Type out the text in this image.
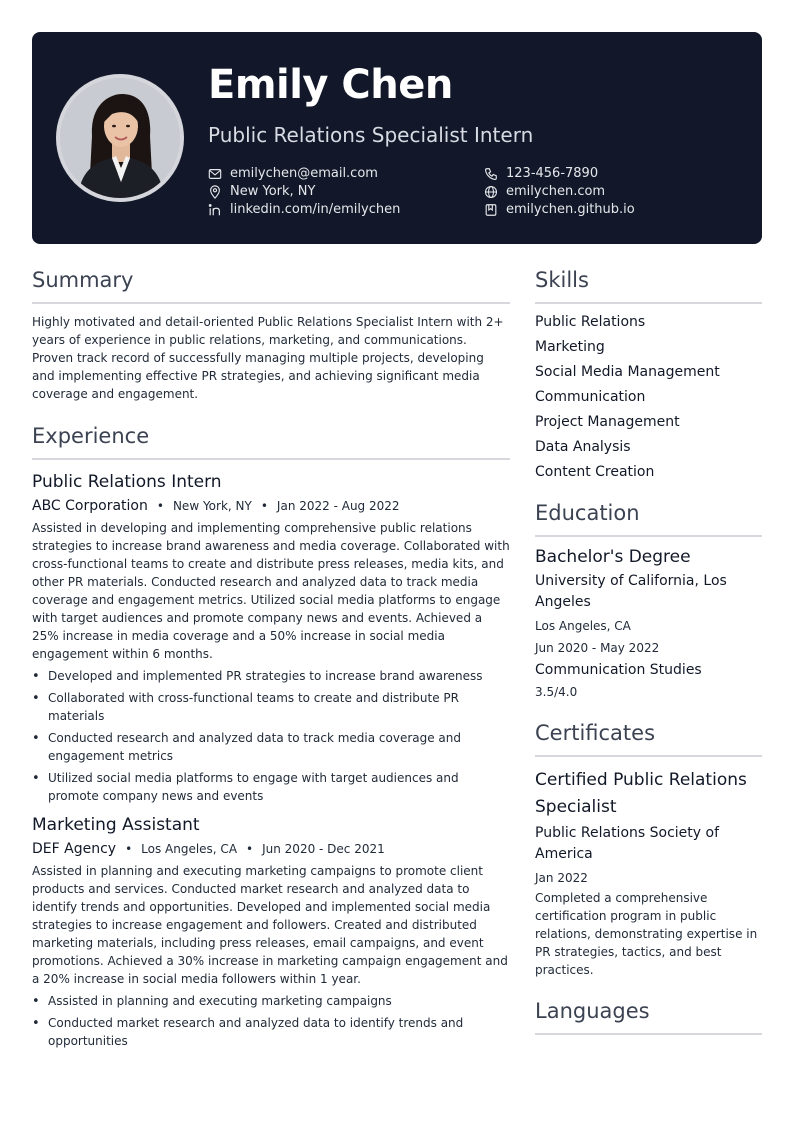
Emily Chen
Public Relations Specialist Intern
emilychen@email.com
New York, NY
linkedin.com/in/emilychen
123-456-7890
emilychen.com
emilychen.github.io
Summary
Highly motivated and detail-oriented Public Relations Specialist Intern with 2+ years of experience in public relations, marketing, and communications. Proven track record of successfully managing multiple projects, developing and implementing effective PR strategies, and achieving significant media coverage and engagement.
Experience
Public Relations Intern
ABC Corporation • New York, NY • Jan 2022 - Aug 2022
Assisted in developing and implementing comprehensive public relations strategies to increase brand awareness and media coverage. Collaborated with cross-functional teams to create and distribute press releases, media kits, and other PR materials. Conducted research and analyzed data to track media coverage and engagement metrics. Utilized social media platforms to engage with target audiences and promote company news and events. Achieved a 25% increase in media coverage and a 50% increase in social media engagement within 6 months.
• Developed and implemented PR strategies to increase brand awareness
• Collaborated with cross-functional teams to create and distribute PR materials
• Conducted research and analyzed data to track media coverage and engagement metrics
• Utilized social media platforms to engage with target audiences and promote company news and events
Marketing Assistant
DEF Agency • Los Angeles, CA • Jun 2020 - Dec 2021
Assisted in planning and executing marketing campaigns to promote client products and services. Conducted market research and analyzed data to identify trends and opportunities. Developed and implemented social media strategies to increase engagement and followers. Created and distributed marketing materials, including press releases, email campaigns, and event promotions. Achieved a 30% increase in marketing campaign engagement and a 20% increase in social media followers within 1 year.
• Assisted in planning and executing marketing campaigns
• Conducted market research and analyzed data to identify trends and opportunities
Skills
Public Relations
Marketing
Social Media Management
Communication
Project Management
Data Analysis
Content Creation
Education
Bachelor's Degree
University of California, Los Angeles
Los Angeles, CA
Jun 2020 - May 2022
Communication Studies
3.5/4.0
Certificates
Certified Public Relations Specialist
Public Relations Society of America
Jan 2022
Completed a comprehensive certification program in public relations, demonstrating expertise in PR strategies, tactics, and best practices.
Languages
